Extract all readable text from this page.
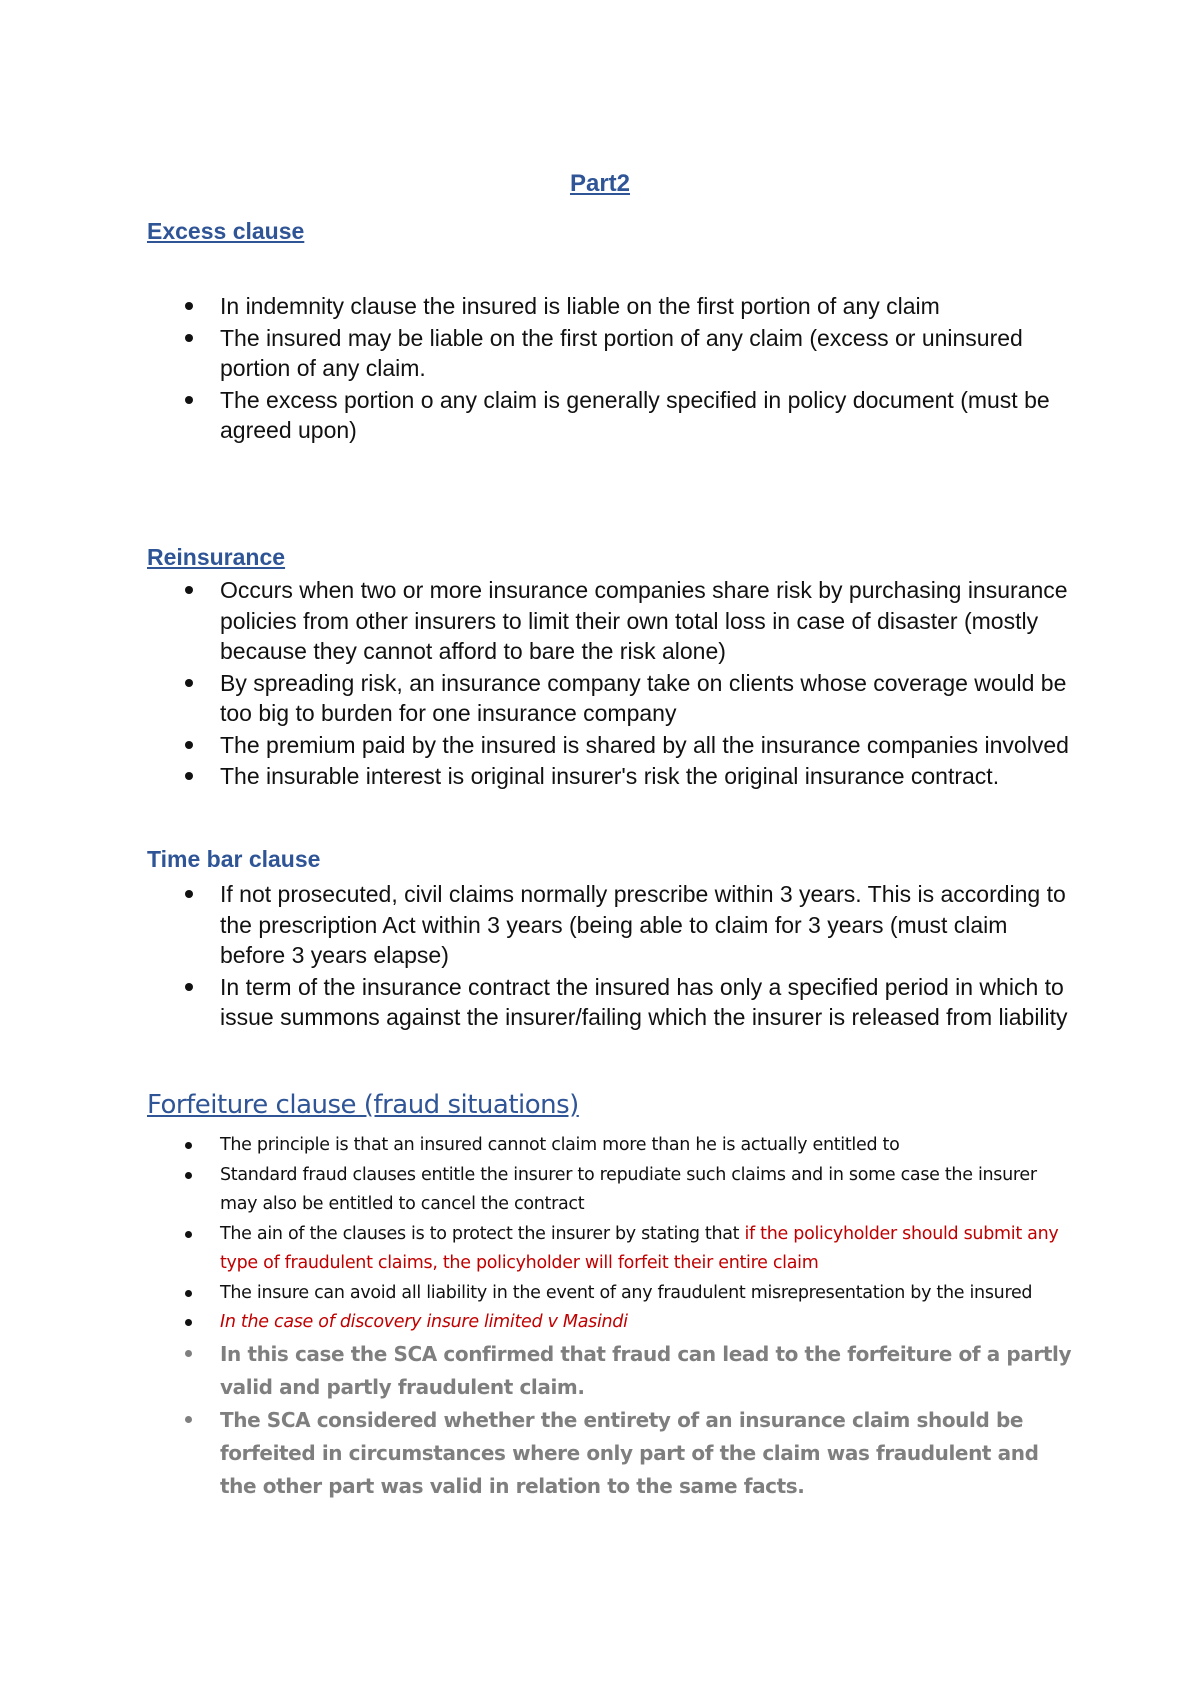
Part2
Excess clause
In indemnity clause the insured is liable on the first portion of any claim
The insured may be liable on the first portion of any claim (excess or uninsured portion of any claim.
The excess portion o any claim is generally specified in policy document (must be agreed upon)
Reinsurance
Occurs when two or more insurance companies share risk by purchasing insurance policies from other insurers to limit their own total loss in case of disaster (mostly because they cannot afford to bare the risk alone)
By spreading risk, an insurance company take on clients whose coverage would be too big to burden for one insurance company
The premium paid by the insured is shared by all the insurance companies involved
The insurable interest is original insurer's risk the original insurance contract.
Time bar clause
If not prosecuted, civil claims normally prescribe within 3 years. This is according to the prescription Act within 3 years (being able to claim for 3 years (must claim before 3 years elapse)
In term of the insurance contract the insured has only a specified period in which to issue summons against the insurer/failing which the insurer is released from liability
Forfeiture clause (fraud situations)
The principle is that an insured cannot claim more than he is actually entitled to
Standard fraud clauses entitle the insurer to repudiate such claims and in some case the insurer may also be entitled to cancel the contract
The ain of the clauses is to protect the insurer by stating that if the policyholder should submit any type of fraudulent claims, the policyholder will forfeit their entire claim
The insure can avoid all liability in the event of any fraudulent misrepresentation by the insured
In the case of discovery insure limited v Masindi
In this case the SCA confirmed that fraud can lead to the forfeiture of a partly valid and partly fraudulent claim.
The SCA considered whether the entirety of an insurance claim should be forfeited in circumstances where only part of the claim was fraudulent and the other part was valid in relation to the same facts.
